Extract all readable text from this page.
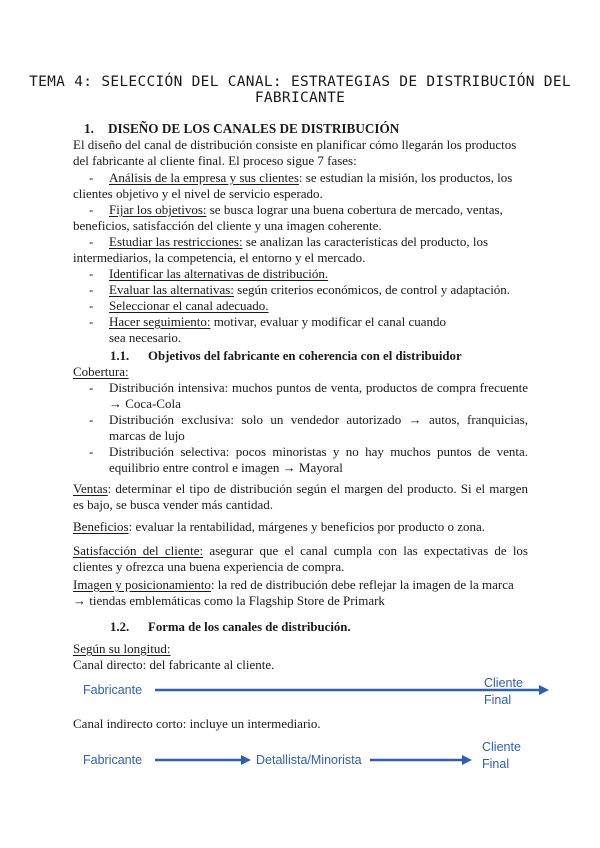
TEMA 4: SELECCIÓN DEL CANAL: ESTRATEGIAS DE DISTRIBUCIÓN DEL FABRICANTE
1. DISEÑO DE LOS CANALES DE DISTRIBUCIÓN

El diseño del canal de distribución consiste en planificar cómo llegarán los productos del fabricante al cliente final. El proceso sigue 7 fases:

-	Análisis de la empresa y sus clientes: se estudian la misión, los productos, los clientes objetivo y el nivel de servicio esperado.
-	Fijar los objetivos: se busca lograr una buena cobertura de mercado, ventas, beneficios, satisfacción del cliente y una imagen coherente.
-	Estudiar las restricciones: se analizan las características del producto, los intermediarios, la competencia, el entorno y el mercado.
-	Identificar las alternativas de distribución.
-	Evaluar las alternativas: según criterios económicos, de control y adaptación.
-	Seleccionar el canal adecuado.
-	Hacer seguimiento: motivar, evaluar y modificar el canal cuando sea necesario.
1.1. Objetivos del fabricante en coherencia con el distribuidor

Cobertura:

-	Distribución intensiva: muchos puntos de venta, productos de compra frecuente → Coca-Cola
-	Distribución exclusiva: solo un vendedor autorizado → autos, franquicias, marcas de lujo
-	Distribución selectiva: pocos minoristas y no hay muchos puntos de venta. equilibrio entre control e imagen → Mayoral

Ventas: determinar el tipo de distribución según el margen del producto. Si el margen es bajo, se busca vender más cantidad.

Beneficios: evaluar la rentabilidad, márgenes y beneficios por producto o zona.

Satisfacción del cliente: asegurar que el canal cumpla con las expectativas de los clientes y ofrezca una buena experiencia de compra.

Imagen y posicionamiento: la red de distribución debe reflejar la imagen de la marca → tiendas emblemáticas como la Flagship Store de Primark

1.2. Forma de los canales de distribución.

Según su longitud:

Canal directo: del fabricante al cliente.

Fabricante	Cliente
Final

Canal indirecto corto: incluye un intermediario.

Fabricante	Detallista/Minorista
Cliente
Final
